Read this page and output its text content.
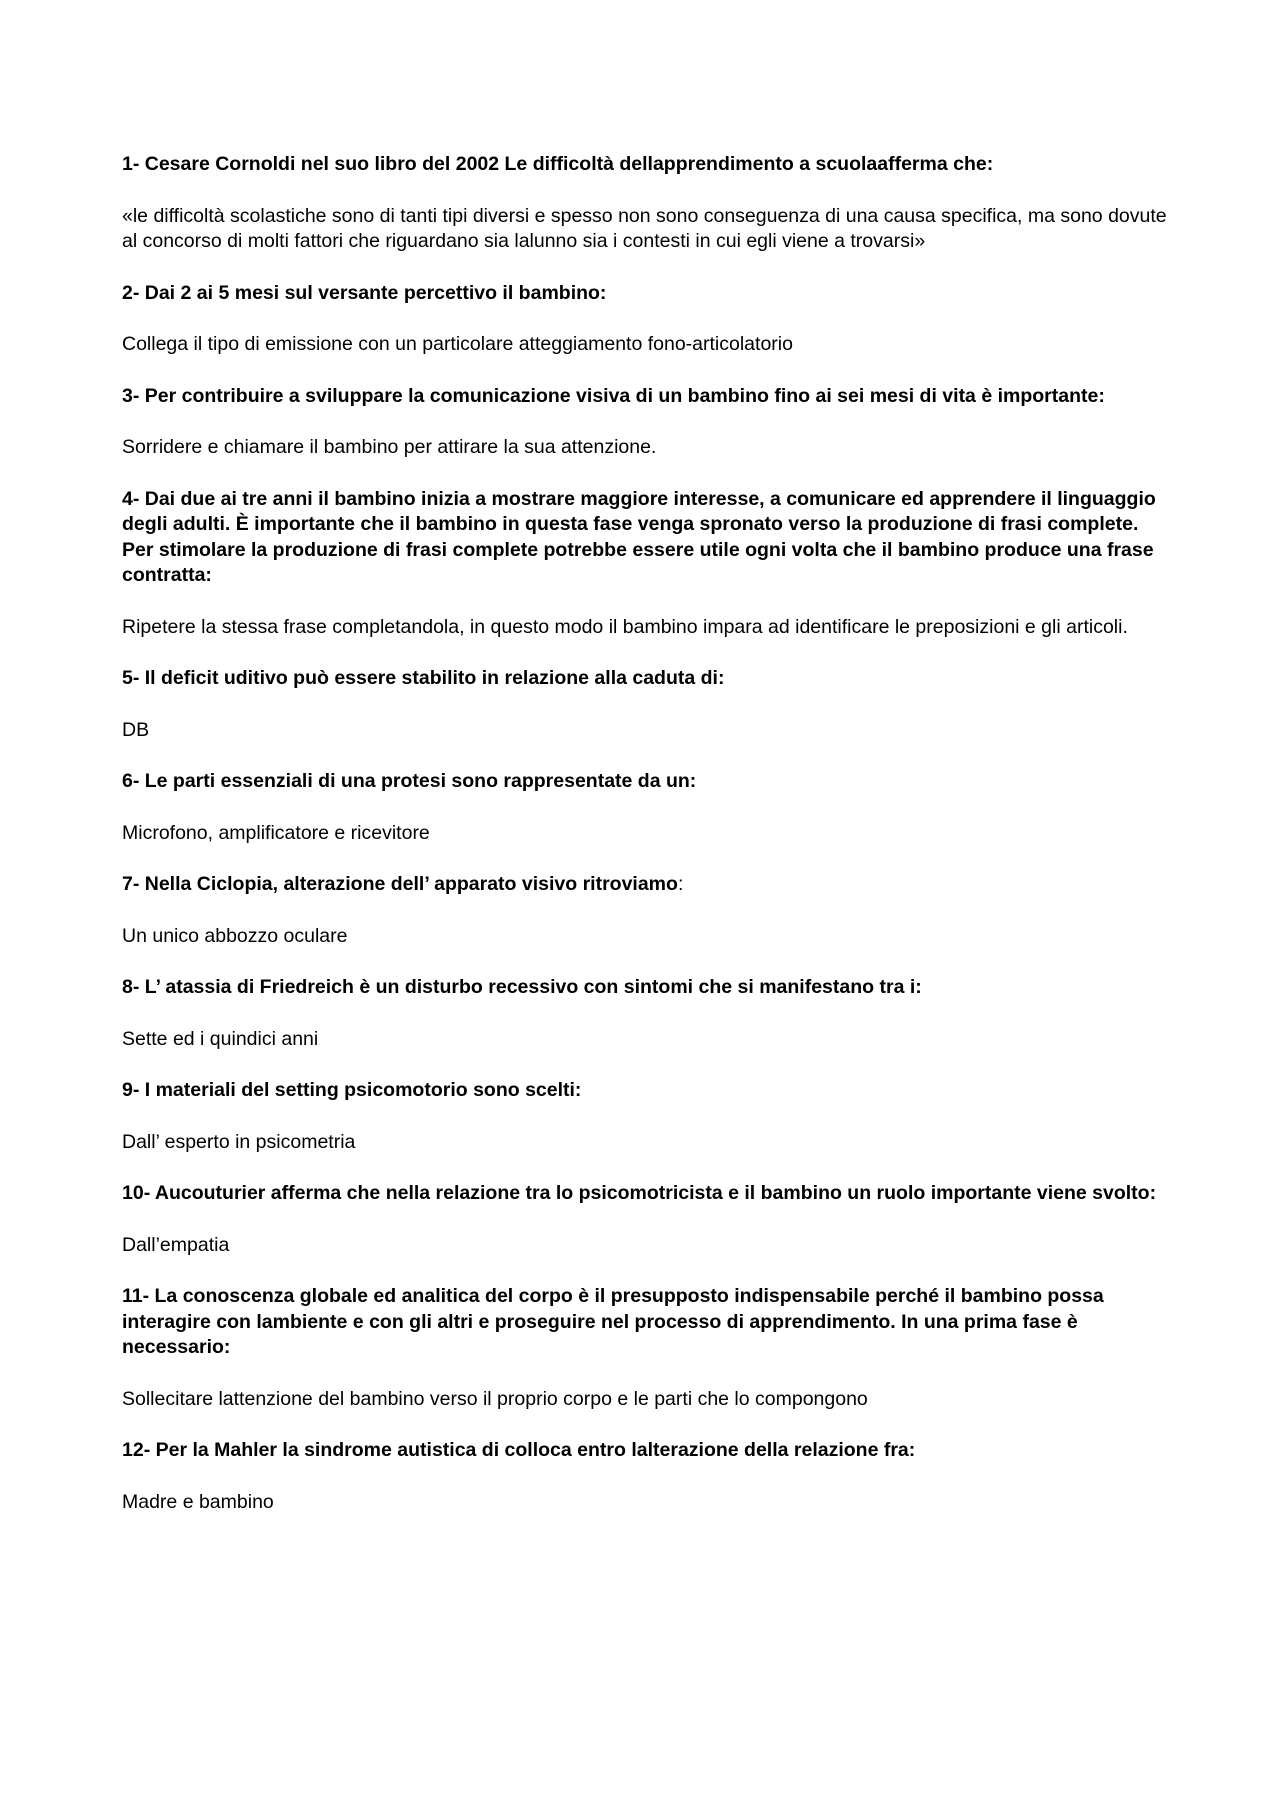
1- Cesare Cornoldi nel suo libro del 2002 Le difficoltà dellapprendimento a scuolaafferma che:

«le difficoltà scolastiche sono di tanti tipi diversi e spesso non sono conseguenza di una causa specifica, ma sono dovute al concorso di molti fattori che riguardano sia lalunno sia i contesti in cui egli viene a trovarsi»

2- Dai 2 ai 5 mesi sul versante percettivo il bambino:

Collega il tipo di emissione con un particolare atteggiamento fono-articolatorio

3- Per contribuire a sviluppare la comunicazione visiva di un bambino fino ai sei mesi di vita è importante:

Sorridere e chiamare il bambino per attirare la sua attenzione.

4- Dai due ai tre anni il bambino inizia a mostrare maggiore interesse, a comunicare ed apprendere il linguaggio degli adulti. È importante che il bambino in questa fase venga spronato verso la produzione di frasi complete. Per stimolare la produzione di frasi complete potrebbe essere utile ogni volta che il bambino produce una frase contratta:

Ripetere la stessa frase completandola, in questo modo il bambino impara ad identificare le preposizioni e gli articoli.

5- Il deficit uditivo può essere stabilito in relazione alla caduta di:

DB

6- Le parti essenziali di una protesi sono rappresentate da un:

Microfono, amplificatore e ricevitore

7- Nella Ciclopia, alterazione dell’ apparato visivo ritroviamo:

Un unico abbozzo oculare

8- L’ atassia di Friedreich è un disturbo recessivo con sintomi che si manifestano tra i:

Sette ed i quindici anni

9- I materiali del setting psicomotorio sono scelti:

Dall’ esperto in psicometria

10- Aucouturier afferma che nella relazione tra lo psicomotricista e il bambino un ruolo importante viene svolto:

Dall’empatia

11- La conoscenza globale ed analitica del corpo è il presupposto indispensabile perché il bambino possa interagire con lambiente e con gli altri e proseguire nel processo di apprendimento. In una prima fase è necessario:

Sollecitare lattenzione del bambino verso il proprio corpo e le parti che lo compongono

12- Per la Mahler la sindrome autistica di colloca entro lalterazione della relazione fra:

Madre e bambino
